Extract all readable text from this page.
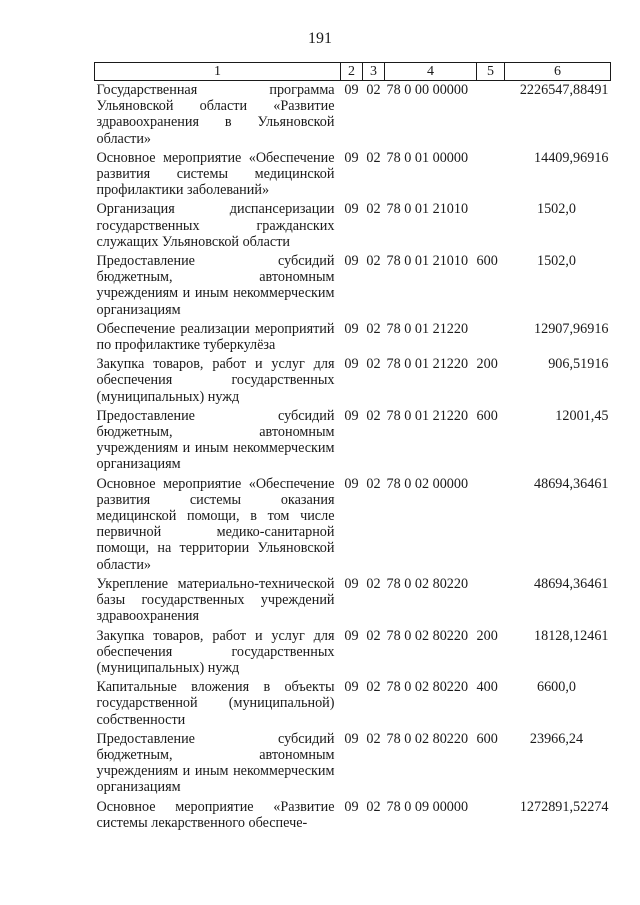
191
1	2	3	4	5	6
Государственная программа Ульяновской области «Развитие здравоохранения в Ульяновской области»	09	02	78 0 00 00000		2226547,88491
Основное мероприятие «Обеспечение развития системы медицинской профилактики заболеваний»	09	02	78 0 01 00000		14409,96916
Организация диспансеризации государственных гражданских служащих Ульяновской области	09	02	78 0 01 21010		1502,0
Предоставление субсидий бюджетным, автономным учреждениям и иным некоммерческим организациям	09	02	78 0 01 21010	600	1502,0
Обеспечение реализации мероприятий по профилактике туберкулёза	09	02	78 0 01 21220		12907,96916
Закупка товаров, работ и услуг для обеспечения государственных (муниципальных) нужд	09	02	78 0 01 21220	200	906,51916
Предоставление субсидий бюджетным, автономным учреждениям и иным некоммерческим организациям	09	02	78 0 01 21220	600	12001,45
Основное мероприятие «Обеспечение развития системы оказания медицинской помощи, в том числе первичной медико-санитарной помощи, на территории Ульяновской области»	09	02	78 0 02 00000		48694,36461
Укрепление материально-технической базы государственных учреждений здравоохранения	09	02	78 0 02 80220		48694,36461
Закупка товаров, работ и услуг для обеспечения государственных (муниципальных) нужд	09	02	78 0 02 80220	200	18128,12461
Капитальные вложения в объекты государственной (муниципальной) собственности	09	02	78 0 02 80220	400	6600,0
Предоставление субсидий бюджетным, автономным учреждениям и иным некоммерческим организациям	09	02	78 0 02 80220	600	23966,24
Основное мероприятие «Развитие системы лекарственного обеспече-	09	02	78 0 09 00000		1272891,52274
